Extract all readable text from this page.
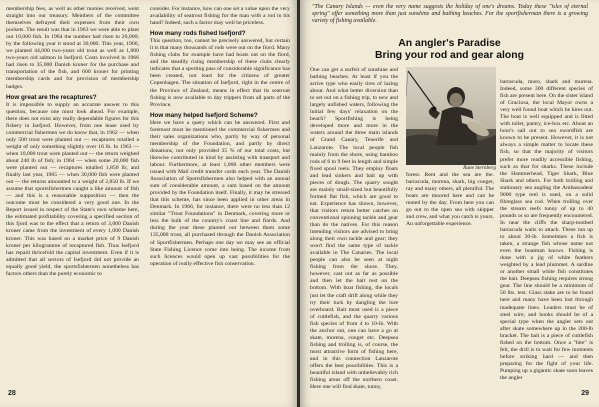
membership fees, as well as other monies received, went straight into our treasury. Members of the committee themselves defrayed their expenses from their own pockets. The result was that in 1963 we were able to plant out 10,000 fish. In 1964 the number had risen to 20,000; by the following year it stood at 30,000. This year, 1966, we planted 44,000 two-years old trout as well as 1,000 two-years old salmon in Isefjord. Costs involved in 1966 had risen to 35,000 Danish kroner for the purchase and transportation of the fish, and 600 kroner for printing membership cards and for provision of membership badges.

How great are the recaptures?

It is impossible to supply an accurate answer to this question, because one must look ahead. For example, there does not exist any really dependable figures for this fishery in Isefjord. However, from one lease used by commercial fishermen we do know that, in 1962 — when only 500 trout were planted out — recaptures totalled a weight of only something slightly over 16 lb. In 1963 — when 10,000 trout were planted out — the return weighed about 240 lb of fish; in 1964 — when some 20,000 fish were planted out — recaptures totalled 1,850 lb; and finally last year, 1965 — when 30,000 fish were planted out — the returns amounted to a weight of 2,850 lb. If we assume that sportsfishermen caught a like amount of fish — and this is a reasonable supposition — then the outcome must be considered a very good one. In the Report issued in respect of the State's own scheme here, the estimated profitability covering a specified section of this fjord was to the effect that a return of 3,000 Danish kroner came from the investment of every 1,000 Danish kroner. This was based on a market price of 9 Danish kroner per kilogramme of recaptured fish. Thus Isefjord has repaid thricefold the capital investment. Even if it is admitted that all sectors of Isefjord did not provide an equally good yield, the sportsfishermen nonetheless has factors others than the purely economic to

consider. For instance, how can one set a value upon the very availability of seatrout fishing for the man with a rod in his hand? Indeed, such a factor may well be priceless.

How many rods fished Isefjord?

This question, too, cannot be precisely answered, but certain it is that many thousands of rods were out on the fiord. Many fishing clubs for example have had boats out on the fiord, and the steadily rising membership of these clubs clearly indicates that a sporting pass of considerable significance has been created, not least for the citizens of greater Copenhagen. The situation of Isefjord, right in the centre of the Province of Zealand, means in effect that its seatrout fishing is now available to day trippers from all parts of the Province.

How many helped Isefjord Scheme?

Here we have a query which can be answered. First and foremost must be mentioned the commercial fishermen and their sales organizations who, partly by way of personal membership of the Foundation, and partly by direct donations, not only provided 35 % of our total costs, but likewise contributed in kind by assisting with transport and labour. Furthermore, at least 1,000 other members were issued with Mail credit transfer cards each year. The Danish Association of Sportsfishermen also helped with an annual sum of considerable amount, a sum based on the amount provided by the Foundation itself. Finally, it may be stressed that this scheme, has since been applied in other areas in Denmark. In 1966, for instance, there were no less than 12 similar "Trout Foundations" in Denmark, covering more or less the bulk of the country's coast line and fiords. And during the year these planted out between them some 135,000 trout, all purchased through the Danish Association of Sportfishermen. Perhaps one day we may see an official State Fishing Licence come into being. The income from such licences would open up vast possibilities for the operation of really effective fish conservation.

28
"The Canary Islands — even the very name suggests the holiday of one's dreams. Today these "isles of eternal spring" offer something more than just sunshine and bathing beaches. For the sportfisherman there is a growing variety of fishing available.
An angler's Paradise
Bring your rod and gear along

One can get a surfeit of sunshine and bathing beaches. At least if you the active type who easily tires of lazing about. And what better diversion than to set out on a fishing trip, to new and largely unfished waters, following the initial few days' relaxation on the beach? Sportfishing is being developed more and more in the waters around the three main islands of Grand Canary, Tenerife and Lanzarote. The local people fish mainly from the shore, using bamboo rods of 6 to 9 feet in length and simple fixed spool reels. They employ floats and lead sinkers and bait up with pieces of dough. The quarry sought are mainly small-sized but beautifully formed flat fish, which are good to eat. Experience has shown, however, that visitors return better catches on conventional spinning tackle and gear than do the natives. For this reason intending visitors are advised to bring along their own tackle and gear; they won't find the same type of tackle available in The Canaries. The local people can also be seen at night fishing from the shore. They, however, cast out as far as possible and then let the bait rest on the bottom. With boat fishing, the locals just let the craft drift along while they try their luck by dangling the lure overboard. Bait most used is a piece of cuttlefish, and the quarry various fish species of from 4 to 10-lb. With the anchor out, one can have a go at skate, morena, conger etc. Deepsea fishing and trolling is, of course, the most attractive form of fishing here, and in this connection Lanzarote offers the best possibilities. This is a beautiful island with unbelievably rich fishing areas off the northern coast. Here one will find skate, tunny,

Rune Sternberg

forest. Rent and the sea are the. barracuda, morena, shark, big conger, ray and many others, all plentiful. The boats are moored here and can be rented by the day. From here you can go out to the open sea with skipper and crew, and what you catch is yours. An unforgettable experience.

barracuda, moro, shark and murena. Indeed, some 300 different species of fish are present here. On the sister island of Graciosa, the local Mayor owns a very well found boat which he hires out. The boat is well equipped and is fitted with toilet, pantry, ice-box etc. About an hour's sail out to sea swordfish are known to be present. However, it is not always a simple matter to locate these fish, so that the majority of visitors prefer more readily accessible fishing, such as that for sharks. These include the Hammerhead, Tiger Shark, Blue Shark and others. For both trolling and stationary sea angling the Ambassadeur 9000 type reel is used, on a solid fibreglass sea rod. When trolling over the stream reefs tunny of up to 40 pounds or so are frequently encountered. In near the cliffs the sharp-toothed barracuda waits to attack. These run up to about 30-lb. Sometimes a fish is taken, a strange fish whose name not even the boatman knows. Fishing is done with a jig of white feathers weighted by a lead plummet. A sardine or another small white fish constitutes the bait. Deepsea fishing requires strong gear. The line should be a minimum of 50 lbs. test. Glass stake are to be found here and many have been lost through inadequate lines. Leaders must be of steel wire, and hooks should be of a special type when the angler sets out after skate somewhere up in the 200-lb bracket. The bait is a piece of cuttlefish fished on the bottom. Once a "bite" is felt, the drill is to wait for few moments before striking hard — and then preparing for the fight of your life. Pumping up a gigantic skate soon leaves the angler

29
